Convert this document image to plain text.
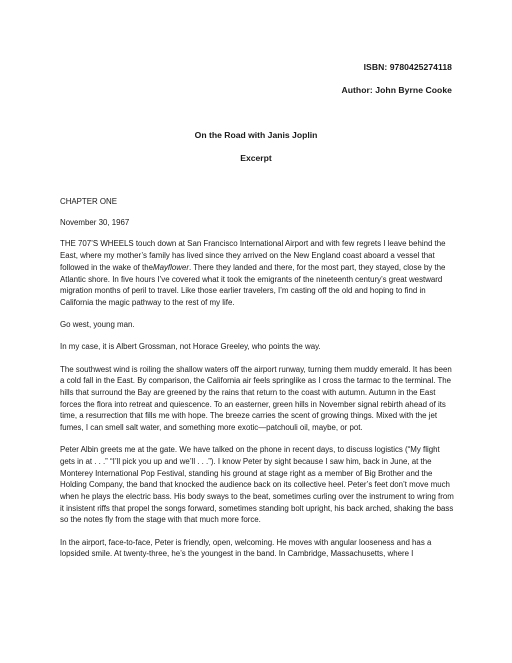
ISBN: 9780425274118
Author: John Byrne Cooke
On the Road with Janis Joplin
Excerpt

CHAPTER ONE

November 30, 1967

THE 707’S WHEELS touch down at San Francisco International Airport and with few regrets I leave behind the East, where my mother’s family has lived since they arrived on the New England coast aboard a vessel that followed in the wake of theMayflower. There they landed and there, for the most part, they stayed, close by the Atlantic shore. In five hours I’ve covered what it took the emigrants of the nineteenth century’s great westward migration months of peril to travel. Like those earlier travelers, I’m casting off the old and hoping to find in California the magic pathway to the rest of my life.

Go west, young man.

In my case, it is Albert Grossman, not Horace Greeley, who points the way.

The southwest wind is roiling the shallow waters off the airport runway, turning them muddy emerald. It has been a cold fall in the East. By comparison, the California air feels springlike as I cross the tarmac to the terminal. The hills that surround the Bay are greened by the rains that return to the coast with autumn. Autumn in the East forces the flora into retreat and quiescence. To an easterner, green hills in November signal rebirth ahead of its time, a resurrection that fills me with hope. The breeze carries the scent of growing things. Mixed with the jet fumes, I can smell salt water, and something more exotic—patchouli oil, maybe, or pot.

Peter Albin greets me at the gate. We have talked on the phone in recent days, to discuss logistics (“My flight gets in at . . .” “I’ll pick you up and we’ll . . .”). I know Peter by sight because I saw him, back in June, at the Monterey International Pop Festival, standing his ground at stage right as a member of Big Brother and the Holding Company, the band that knocked the audience back on its collective heel. Peter’s feet don’t move much when he plays the electric bass. His body sways to the beat, sometimes curling over the instrument to wring from it insistent riffs that propel the songs forward, sometimes standing bolt upright, his back arched, shaking the bass so the notes fly from the stage with that much more force.

In the airport, face-to-face, Peter is friendly, open, welcoming. He moves with angular looseness and has a lopsided smile. At twenty-three, he’s the youngest in the band. In Cambridge, Massachusetts, where I
